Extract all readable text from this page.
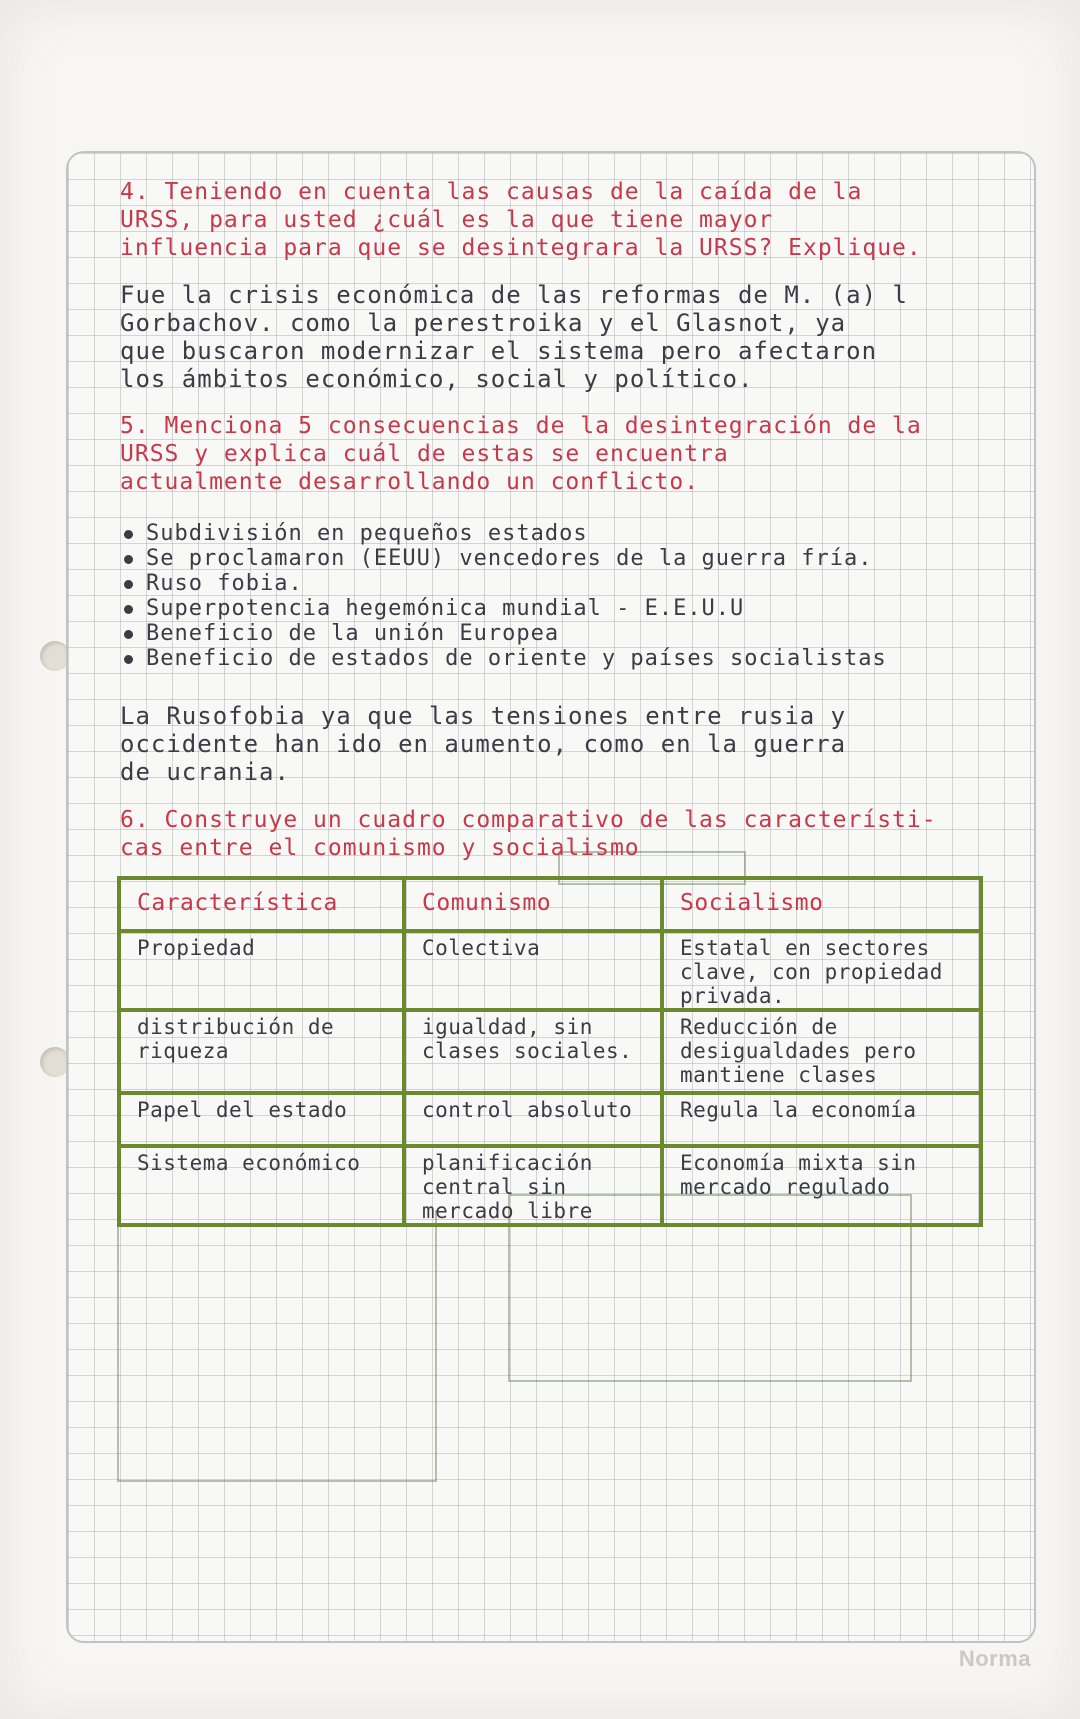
4. Teniendo en cuenta las causas de la caída de la

URSS, para usted ¿cuál es la que tiene mayor

influencia para que se desintegrara la URSS? Explique.

Fue la crisis económica de las reformas de M. (a) l

Gorbachov. como la perestroika y el Glasnot, ya

que buscaron modernizar el sistema pero afectaron

los ámbitos económico, social y político.

5. Menciona 5 consecuencias de la desintegración de la

URSS y explica cuál de estas se encuentra

actualmente desarrollando un conflicto.

Subdivisión en pequeños estados
Se proclamaron (EEUU) vencedores de la guerra fría.
Ruso fobia.
Superpotencia hegemónica mundial - E.E.U.U
Beneficio de la unión Europea
Beneficio de estados de oriente y países socialistas

La Rusofobia ya que las tensiones entre rusia y

occidente han ido en aumento, como en la guerra

de ucrania.

6. Construye un cuadro comparativo de las característi-

cas entre el comunismo y socialismo

Característica	Comunismo	Socialismo
Propiedad	Colectiva	Estatal en sectores clave, con propiedad privada.
distribución de riqueza	igualdad, sin clases sociales.	Reducción de desigualdades pero mantiene clases
Papel del estado	control absoluto	Regula la economía
Sistema económico	planificación central sin mercado libre	Economía mixta sin mercado regulado
Norma
